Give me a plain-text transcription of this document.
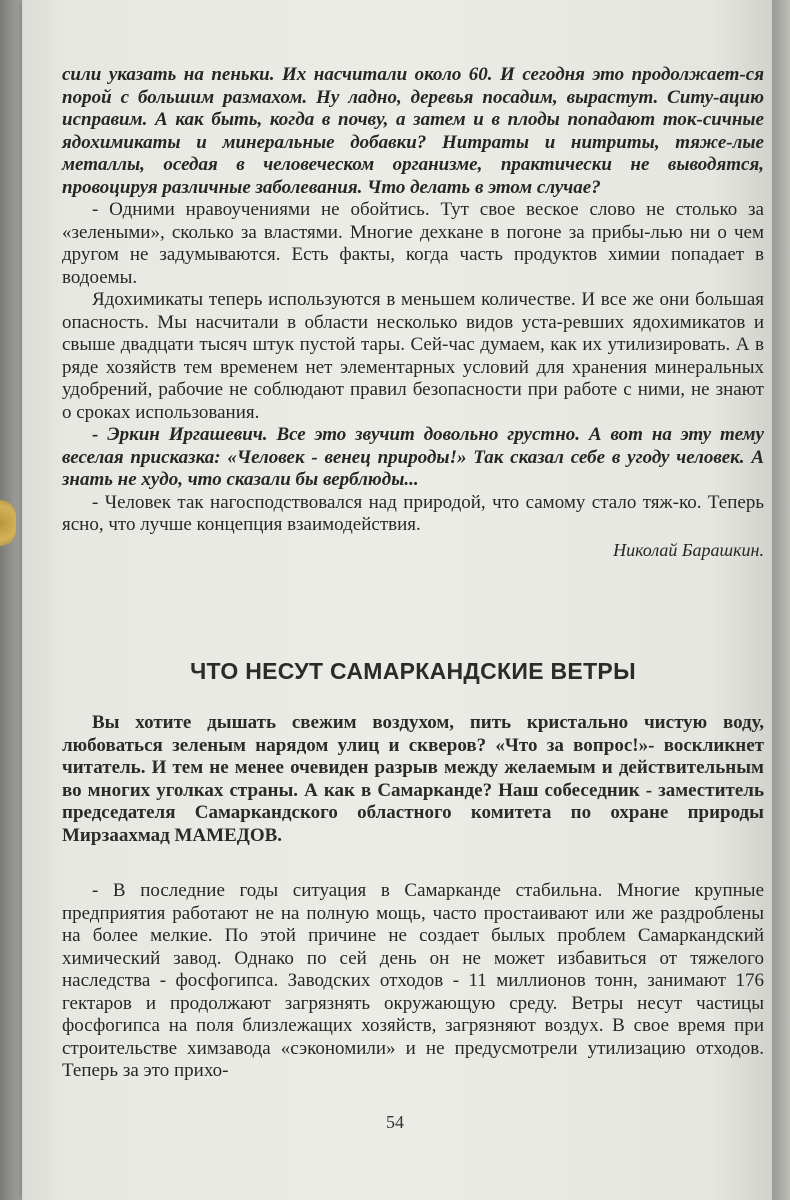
сили указать на пеньки. Их насчитали около 60. И сегодня это продолжает-ся порой с большим размахом. Ну ладно, деревья посадим, вырастут. Ситу-ацию исправим. А как быть, когда в почву, а затем и в плоды попадают ток-сичные ядохимикаты и минеральные добавки? Нитраты и нитриты, тяже-лые металлы, оседая в человеческом организме, практически не выводятся, провоцируя различные заболевания. Что делать в этом случае?

- Одними нравоучениями не обойтись. Тут свое веское слово не столько за «зелеными», сколько за властями. Многие дехкане в погоне за прибы-лью ни о чем другом не задумываются. Есть факты, когда часть продуктов химии попадает в водоемы.

Ядохимикаты теперь используются в меньшем количестве. И все же они большая опасность. Мы насчитали в области несколько видов уста-ревших ядохимикатов и свыше двадцати тысяч штук пустой тары. Сей-час думаем, как их утилизировать. А в ряде хозяйств тем временем нет элементарных условий для хранения минеральных удобрений, рабочие не соблюдают правил безопасности при работе с ними, не знают о сроках использования.

- Эркин Иргашевич. Все это звучит довольно грустно. А вот на эту тему веселая присказка: «Человек - венец природы!» Так сказал себе в угоду человек. А знать не худо, что сказали бы верблюды...

- Человек так нагосподствовался над природой, что самому стало тяж-ко. Теперь ясно, что лучше концепция взаимодействия.

Николай Барашкин.

ЧТО НЕСУТ САМАРКАНДСКИЕ ВЕТРЫ

Вы хотите дышать свежим воздухом, пить кристально чистую воду, любоваться зеленым нарядом улиц и скверов? «Что за вопрос!»- воскликнет читатель. И тем не менее очевиден разрыв между желаемым и действительным во многих уголках страны. А как в Самарканде? Наш собеседник - заместитель председателя Самаркандского областного комитета по охране природы Мирзаахмад МАМЕДОВ.

- В последние годы ситуация в Самарканде стабильна. Многие крупные предприятия работают не на полную мощь, часто простаивают или же раздроблены на более мелкие. По этой причине не создает былых проблем Самаркандский химический завод. Однако по сей день он не может избавиться от тяжелого наследства - фосфогипса. Заводских отходов - 11 миллионов тонн, занимают 176 гектаров и продолжают загрязнять окружающую среду. Ветры несут частицы фосфогипса на поля близлежащих хозяйств, загрязняют воздух. В свое время при строительстве химзавода «сэкономили» и не предусмотрели утилизацию отходов. Теперь за это прихо-

54
